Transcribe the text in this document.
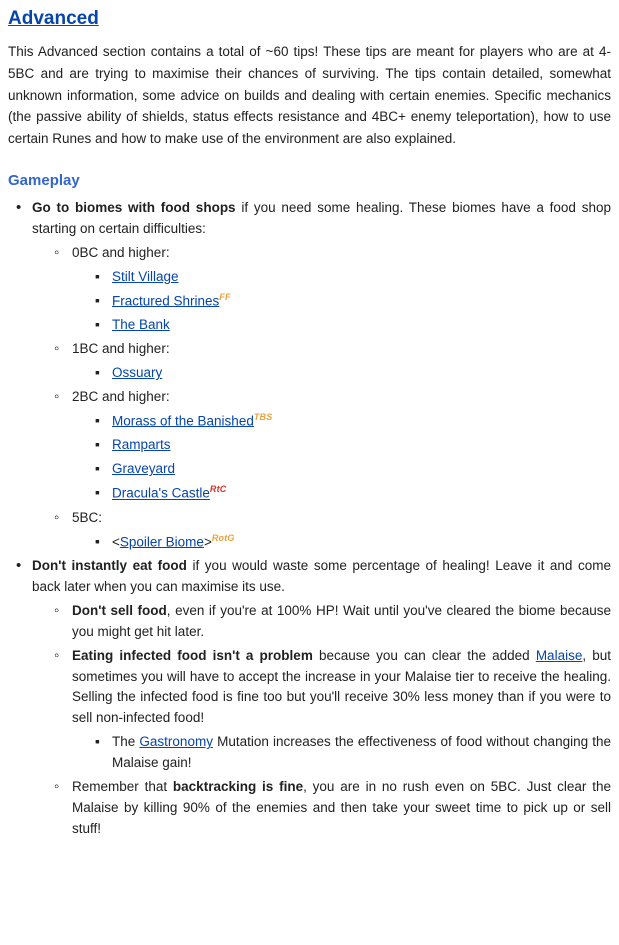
Advanced

This Advanced section contains a total of ~60 tips! These tips are meant for players who are at 4-5BC and are trying to maximise their chances of surviving. The tips contain detailed, somewhat unknown information, some advice on builds and dealing with certain enemies. Specific mechanics (the passive ability of shields, status effects resistance and 4BC+ enemy teleportation), how to use certain Runes and how to make use of the environment are also explained.

Gameplay
• Go to biomes with food shops if you need some healing. These biomes have a food shop starting on certain difficulties:
◦ 0BC and higher:
▪ Stilt Village
▪ Fractured Shrines$^{FF}$
▪ The Bank
◦ 1BC and higher:
▪ Ossuary
◦ 2BC and higher:
▪ Morass of the Banished$^{TBS}$
▪ Ramparts
▪ Graveyard
▪ Dracula's Castle$^{RtC}$
◦ 5BC:
▪ <Spoiler Biome>$^{RotG}$
• Don't instantly eat food if you would waste some percentage of healing! Leave it and come back later when you can maximise its use.
◦ Don't sell food, even if you're at 100% HP! Wait until you've cleared the biome because you might get hit later.
◦ Eating infected food isn't a problem because you can clear the added Malaise, but sometimes you will have to accept the increase in your Malaise tier to receive the healing. Selling the infected food is fine too but you'll receive 30% less money than if you were to sell non-infected food!
▪ The Gastronomy Mutation increases the effectiveness of food without changing the Malaise gain!
◦ Remember that backtracking is fine, you are in no rush even on 5BC. Just clear the Malaise by killing 90% of the enemies and then take your sweet time to pick up or sell stuff!
